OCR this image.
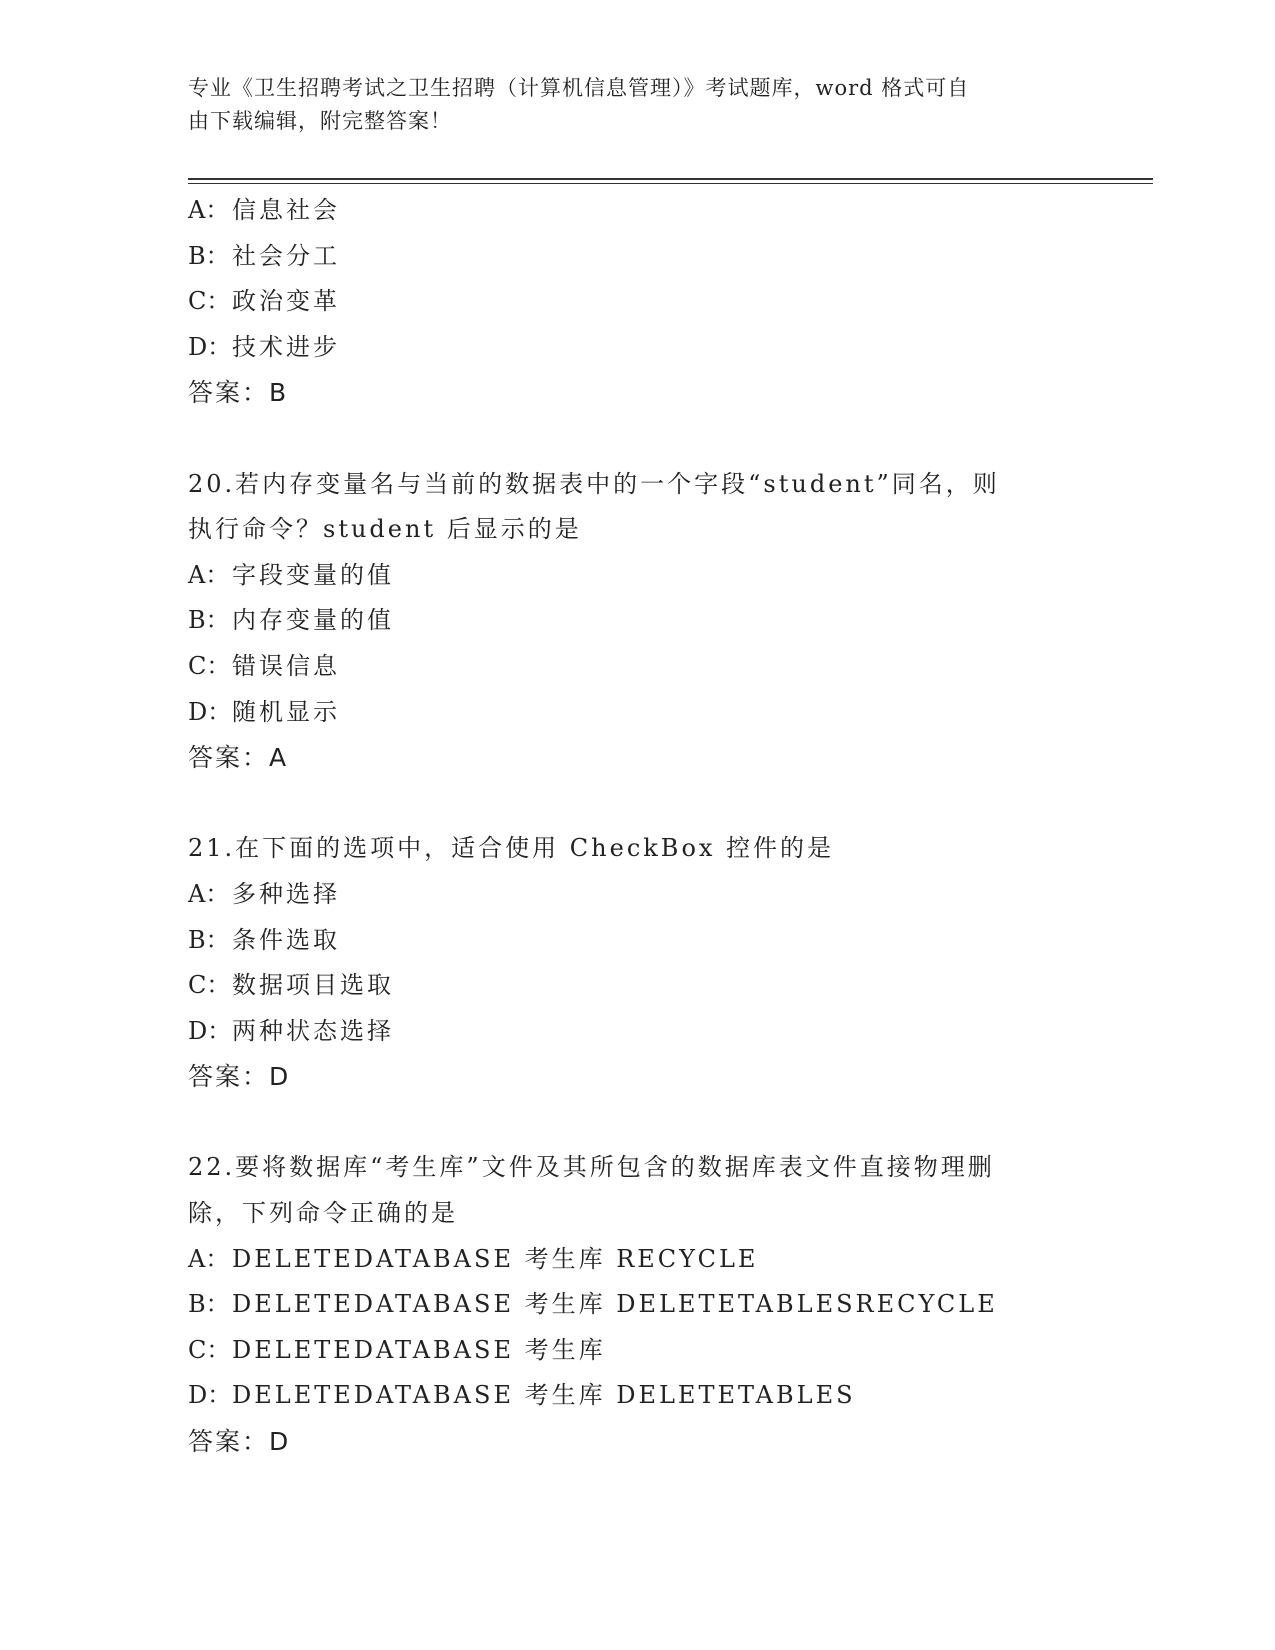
专业《卫生招聘考试之卫生招聘（计算机信息管理）》考试题库，word 格式可自
由下载编辑，附完整答案！
A： 信息社会
B：社会分工
C：政治变革
D：技术进步
答案：B
20.若内存变量名与当前的数据表中的一个字段“student”同名，则
执行命令？student 后显示的是
A： 字段变量的值
B：内存变量的值
C：错误信息
D：随机显示
答案：A
21.在下面的选项中，适合使用 CheckBox 控件的是
A： 多种选择
B：条件选取
C：数据项目选取
D：两种状态选择
答案：D
22.要将数据库“考生库”文件及其所包含的数据库表文件直接物理删
除，下列命令正确的是
A： DELETEDATABASE 考生库 RECYCLE
B：DELETEDATABASE 考生库 DELETETABLESRECYCLE
C：DELETEDATABASE 考生库
D：DELETEDATABASE 考生库 DELETETABLES
答案：D
